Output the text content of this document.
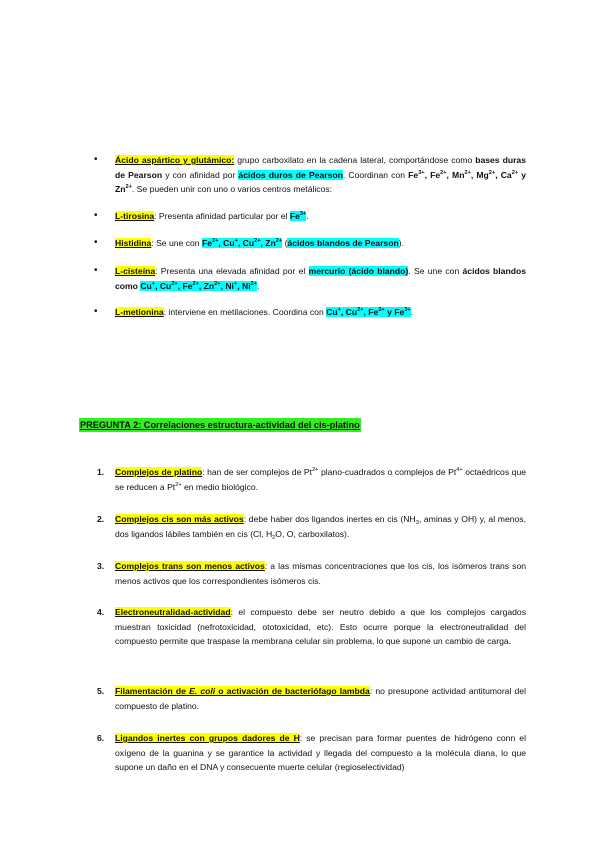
• Ácido aspártico y glutámico: grupo carboxilato en la cadena lateral, comportándose como bases duras de Pearson y con afinidad por ácidos duros de Pearson. Coordinan con $Fe^{3+}$, $Fe^{2+}$, $Mn^{2+}$, $Mg^{2+}$, $Ca^{2+}$ y $Zn^{2+}$. Se pueden unir con uno o varios centros metálicos:
• L-tirosina: Presenta afinidad particular por el $Fe^{3+}$.
• Histidina: Se une con $Fe^{2+}$, Cu+, $Cu^{2+}$, $Zn^{2+}$ (ácidos blandos de Pearson).
• L-cisteína: Presenta una elevada afinidad por el mercurio (ácido blando). Se une con ácidos blandos como Cu+, $Cu^{2+}$, $Fe^{2+}$, $Zn^{2+}$, Ni+, $Ni^{2+}$.
• L-metionina: interviene en metilaciones. Coordina con Cu+, $Cu^{2+}$, $Fe^{2+}$ y $Fe^{3+}$.
PREGUNTA 2: Correlaciones estructura-actividad del cis-platino
1. Complejos de platino: han de ser complejos de $Pt^{2+}$ plano-cuadrados o complejos de $Pt^{4+}$ octaédricos que se reducen a $Pt^{2+}$ en medio biológico.
2. Complejos cis son más activos: debe haber dos ligandos inertes en cis ($NH_3$, aminas y OH) y, al menos, dos ligandos lábiles también en cis (Cl, $H_2O$, O, carboxilatos).
3. Complejos trans son menos activos: a las mismas concentraciones que los cis, los isómeros trans son menos activos que los correspondientes isómeros cis.
4. Electroneutralidad-actividad: el compuesto debe ser neutro debido a que los complejos cargados muestran toxicidad (nefrotoxicidad, ototoxicidad, etc). Esto ocurre porque la electroneutralidad del compuesto permite que traspase la membrana celular sin problema, lo que supone un cambio de carga.
5. Filamentación de E. coli o activación de bacteriófago lambda: no presupone actividad antitumoral del compuesto de platino.
6. Ligandos inertes con grupos dadores de H: se precisan para formar puentes de hidrógeno conn el oxígeno de la guanina y se garantice la actividad y llegada del compuesto a la molécula diana, lo que supone un daño en el DNA y consecuente muerte celular (regioselectividad)
